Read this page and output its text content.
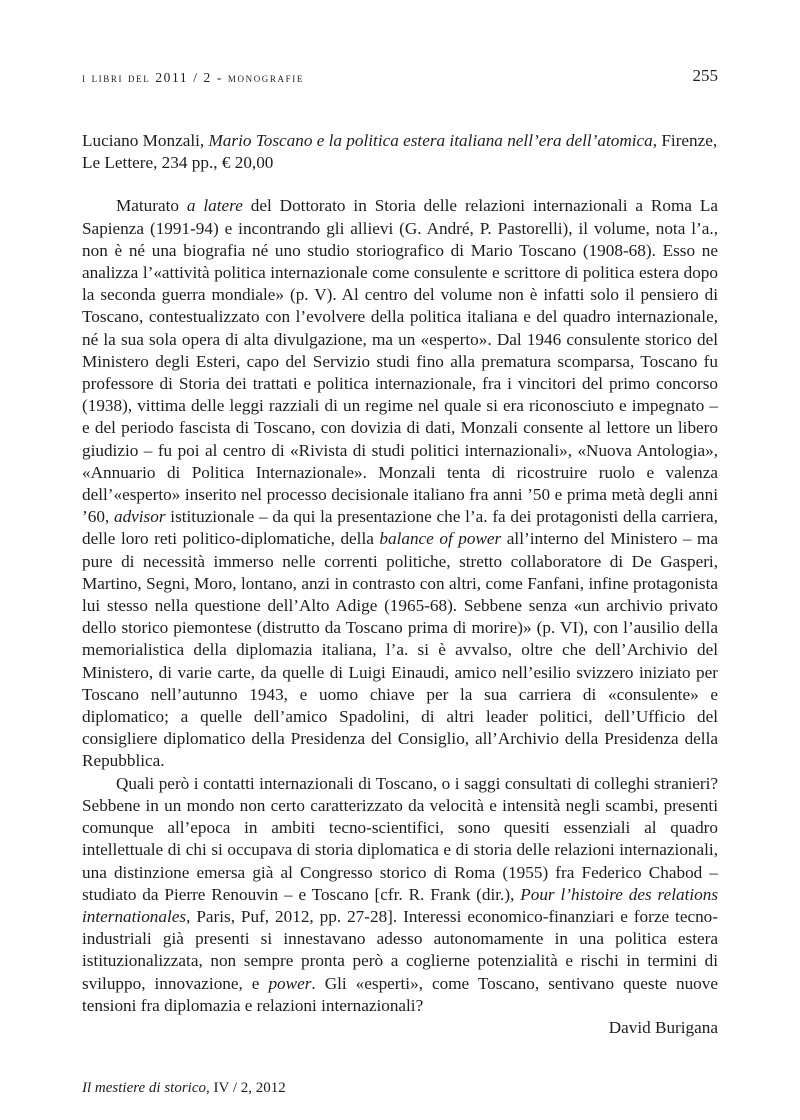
i libri del 2011 / 2 - monografie	255

Luciano Monzali, Mario Toscano e la politica estera italiana nell’era dell’atomica, Firenze, Le Lettere, 234 pp., € 20,00

Maturato a latere del Dottorato in Storia delle relazioni internazionali a Roma La Sapienza (1991-94) e incontrando gli allievi (G. André, P. Pastorelli), il volume, nota l’a., non è né una biografia né uno studio storiografico di Mario Toscano (1908-68). Esso ne analizza l’«attività politica internazionale come consulente e scrittore di politica estera dopo la seconda guerra mondiale» (p. V). Al centro del volume non è infatti solo il pensiero di Toscano, contestualizzato con l’evolvere della politica italiana e del quadro internazionale, né la sua sola opera di alta divulgazione, ma un «esperto». Dal 1946 consulente storico del Ministero degli Esteri, capo del Servizio studi fino alla prematura scomparsa, Toscano fu professore di Storia dei trattati e politica internazionale, fra i vincitori del primo concorso (1938), vittima delle leggi razziali di un regime nel quale si era riconosciuto e impegnato – e del periodo fascista di Toscano, con dovizia di dati, Monzali consente al lettore un libero giudizio – fu poi al centro di «Rivista di studi politici internazionali», «Nuova Antologia», «Annuario di Politica Internazionale». Monzali tenta di ricostruire ruolo e valenza dell’«esperto» inserito nel processo decisionale italiano fra anni ’50 e prima metà degli anni ’60, advisor istituzionale – da qui la presentazione che l’a. fa dei protagonisti della carriera, delle loro reti politico-diplomatiche, della balance of power all’interno del Ministero – ma pure di necessità immerso nelle correnti politiche, stretto collaboratore di De Gasperi, Martino, Segni, Moro, lontano, anzi in contrasto con altri, come Fanfani, infine protagonista lui stesso nella questione dell’Alto Adige (1965-68). Sebbene senza «un archivio privato dello storico piemontese (distrutto da Toscano prima di morire)» (p. VI), con l’ausilio della memorialistica della diplomazia italiana, l’a. si è avvalso, oltre che dell’Archivio del Ministero, di varie carte, da quelle di Luigi Einaudi, amico nell’esilio svizzero iniziato per Toscano nell’autunno 1943, e uomo chiave per la sua carriera di «consulente» e diplomatico; a quelle dell’amico Spadolini, di altri leader politici, dell’Ufficio del consigliere diplomatico della Presidenza del Consiglio, all’Archivio della Presidenza della Repubblica.

Quali però i contatti internazionali di Toscano, o i saggi consultati di colleghi stranieri? Sebbene in un mondo non certo caratterizzato da velocità e intensità negli scambi, presenti comunque all’epoca in ambiti tecno-scientifici, sono quesiti essenziali al quadro intellettuale di chi si occupava di storia diplomatica e di storia delle relazioni internazionali, una distinzione emersa già al Congresso storico di Roma (1955) fra Federico Chabod – studiato da Pierre Renouvin – e Toscano [cfr. R. Frank (dir.), Pour l’histoire des relations internationales, Paris, Puf, 2012, pp. 27-28]. Interessi economico-finanziari e forze tecno-industriali già presenti si innestavano adesso autonomamente in una politica estera istituzionalizzata, non sempre pronta però a coglierne potenzialità e rischi in termini di sviluppo, innovazione, e power. Gli «esperti», come Toscano, sentivano queste nuove tensioni fra diplomazia e relazioni internazionali?

David Burigana

Il mestiere di storico, IV / 2, 2012
